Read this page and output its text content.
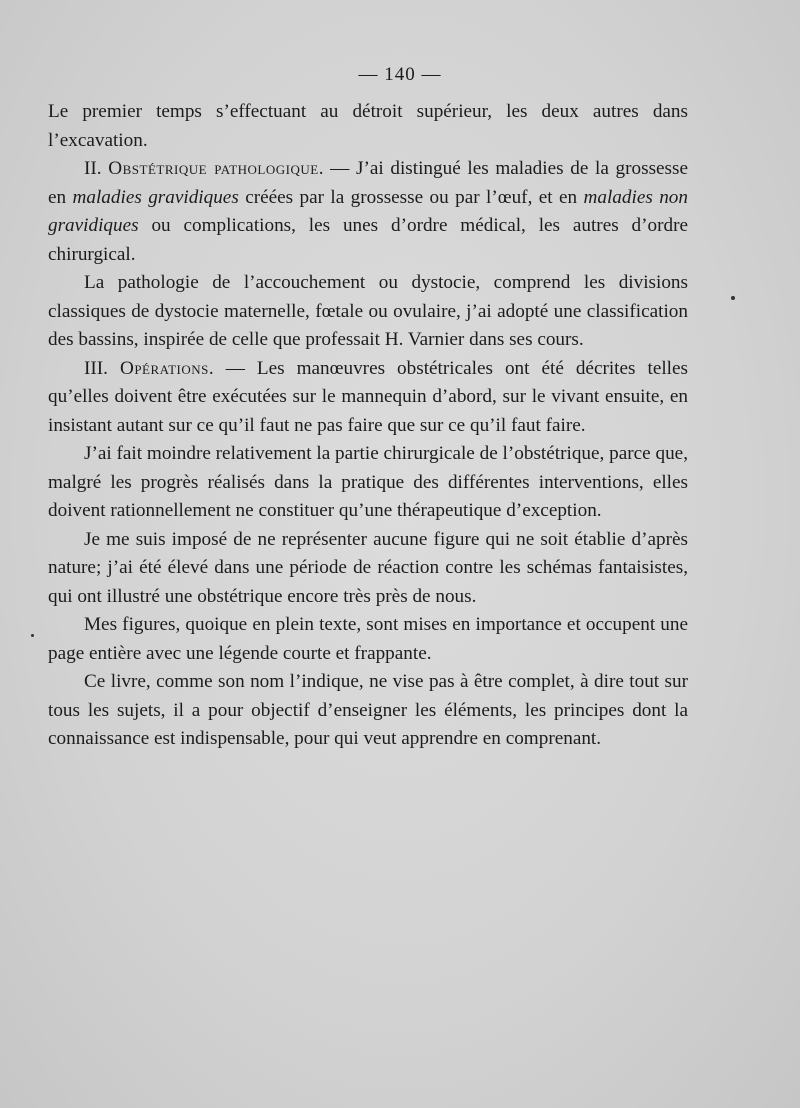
— 140 —

Le premier temps s’effectuant au détroit supérieur, les deux autres dans l’excavation.

II. Obstétrique pathologique. — J’ai distingué les maladies de la grossesse en maladies gravidiques créées par la grossesse ou par l’œuf, et en maladies non gravidiques ou complications, les unes d’ordre médical, les autres d’ordre chirurgical.

La pathologie de l’accouchement ou dystocie, comprend les divisions classiques de dystocie maternelle, fœtale ou ovulaire, j’ai adopté une classification des bassins, inspirée de celle que professait H. Varnier dans ses cours.

III. Opérations. — Les manœuvres obstétricales ont été décrites telles qu’elles doivent être exécutées sur le mannequin d’abord, sur le vivant ensuite, en insistant autant sur ce qu’il faut ne pas faire que sur ce qu’il faut faire.

J’ai fait moindre relativement la partie chirurgicale de l’obstétrique, parce que, malgré les progrès réalisés dans la pratique des différentes interventions, elles doivent rationnellement ne constituer qu’une thérapeutique d’exception.

Je me suis imposé de ne représenter aucune figure qui ne soit établie d’après nature; j’ai été élevé dans une période de réaction contre les schémas fantaisistes, qui ont illustré une obstétrique encore très près de nous.

Mes figures, quoique en plein texte, sont mises en importance et occupent une page entière avec une légende courte et frappante.

Ce livre, comme son nom l’indique, ne vise pas à être complet, à dire tout sur tous les sujets, il a pour objectif d’enseigner les éléments, les principes dont la connaissance est indispensable, pour qui veut apprendre en comprenant.
